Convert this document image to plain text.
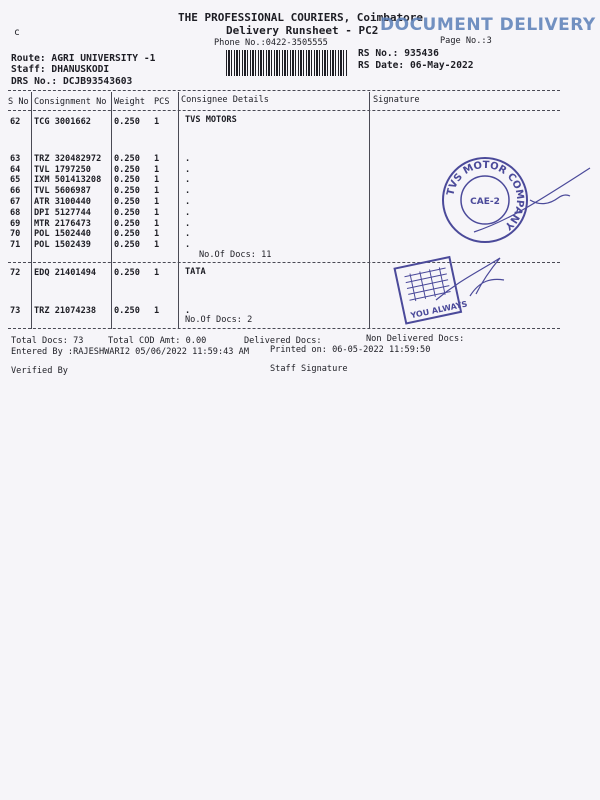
THE PROFESSIONAL COURIERS, Coimbatore
Delivery Runsheet - PC2 DOCUMENT DELIVERY
Phone No.:0422-3505555	Page No.:3
Route: AGRI UNIVERSITY -1
Staff: DHANUSKODI
DRS No.: DCJB93543603
RS No.: 935436
RS Date: 06-May-2022
c
S No Consignment No Weight PCS Consignee Details	Signature
TVS MOTORS
62 TCG 3001662	0.250 1
63 TRZ 320482972 0.250 1	.
64 TVL 1797250	0.250 1	.
65 IXM 501413208 0.250 1	.
66 TVL 5606987	0.250 1	.
67 ATR 3100440	0.250 1	.
68 DPI 5127744	0.250 1	.
69 MTR 2176473	0.250 1	.
70 POL 1502440	0.250 1	.
71 POL 1502439	0.250 1	.
No.Of Docs: 11
TATA
72 EDQ 21401494 0.250 1
73 TRZ 21074238 0.250 1	.
No.Of Docs: 2
Total Docs: 73	Total COD Amt: 0.00	Delivered Docs:	Non Delivered Docs:
Entered By :RAJESHWARI2 05/06/2022 11:59:43 AM Printed on: 06-05-2022 11:59:50
Verified By	Staff Signature
TVS MOTOR COMPANY
CAE-2
YOU ALWAYS
